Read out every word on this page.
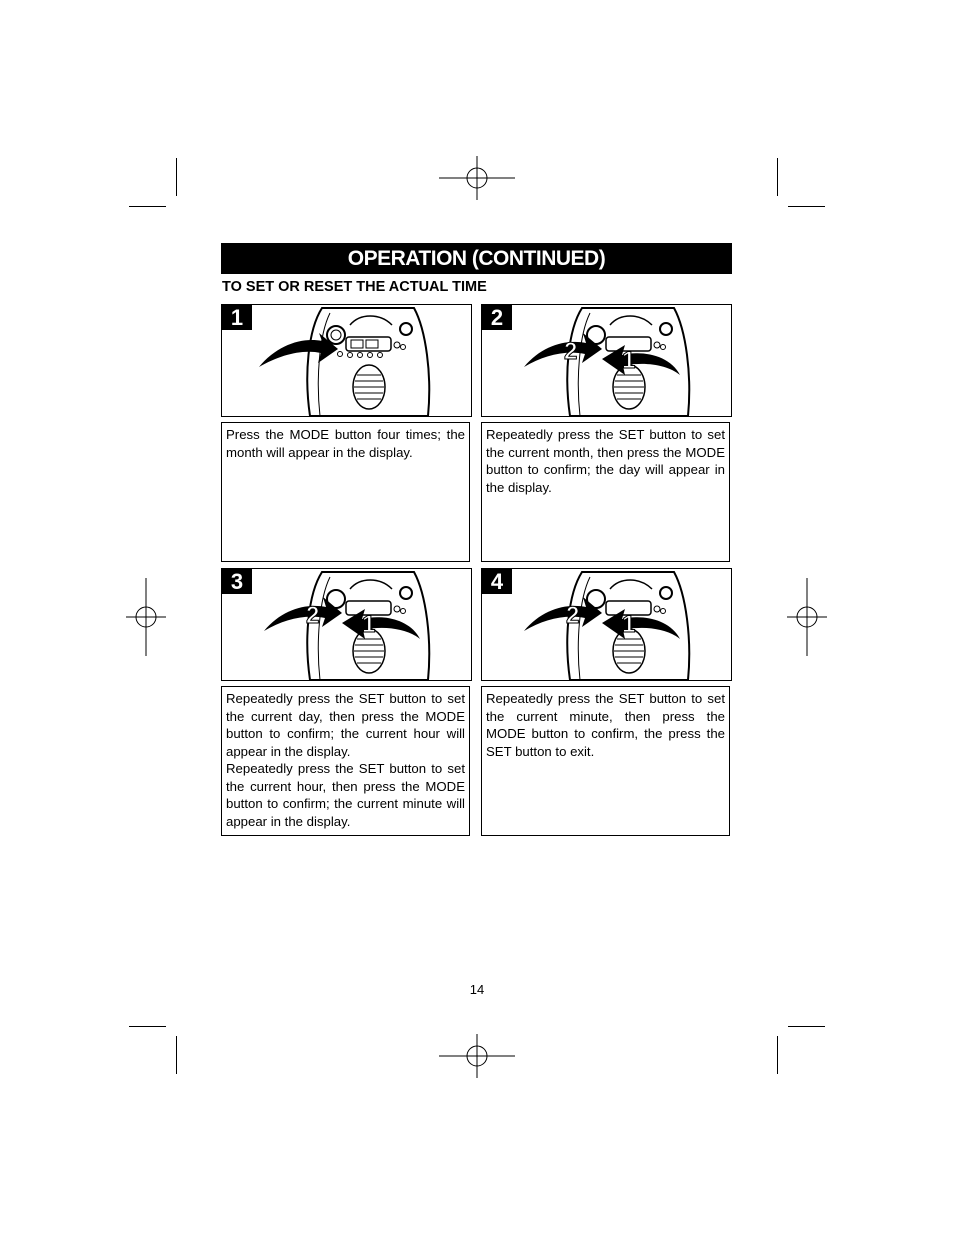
OPERATION (CONTINUED)
TO SET OR RESET THE ACTUAL TIME
1

Press the MODE button four times; the month will appear in the display.

2 1
2

Repeatedly press the SET button to set the current month, then press the MODE button to confirm; the day will appear in the display.

2 1
3

Repeatedly press the SET button to set the current day, then press the MODE button to confirm; the current hour will appear in the display.

Repeatedly press the SET button to set the current hour, then press the MODE button to confirm; the current minute will appear in the display.

2 1
4

Repeatedly press the SET button to set the current minute, then press the MODE button to confirm, the press the SET button to exit.

14
